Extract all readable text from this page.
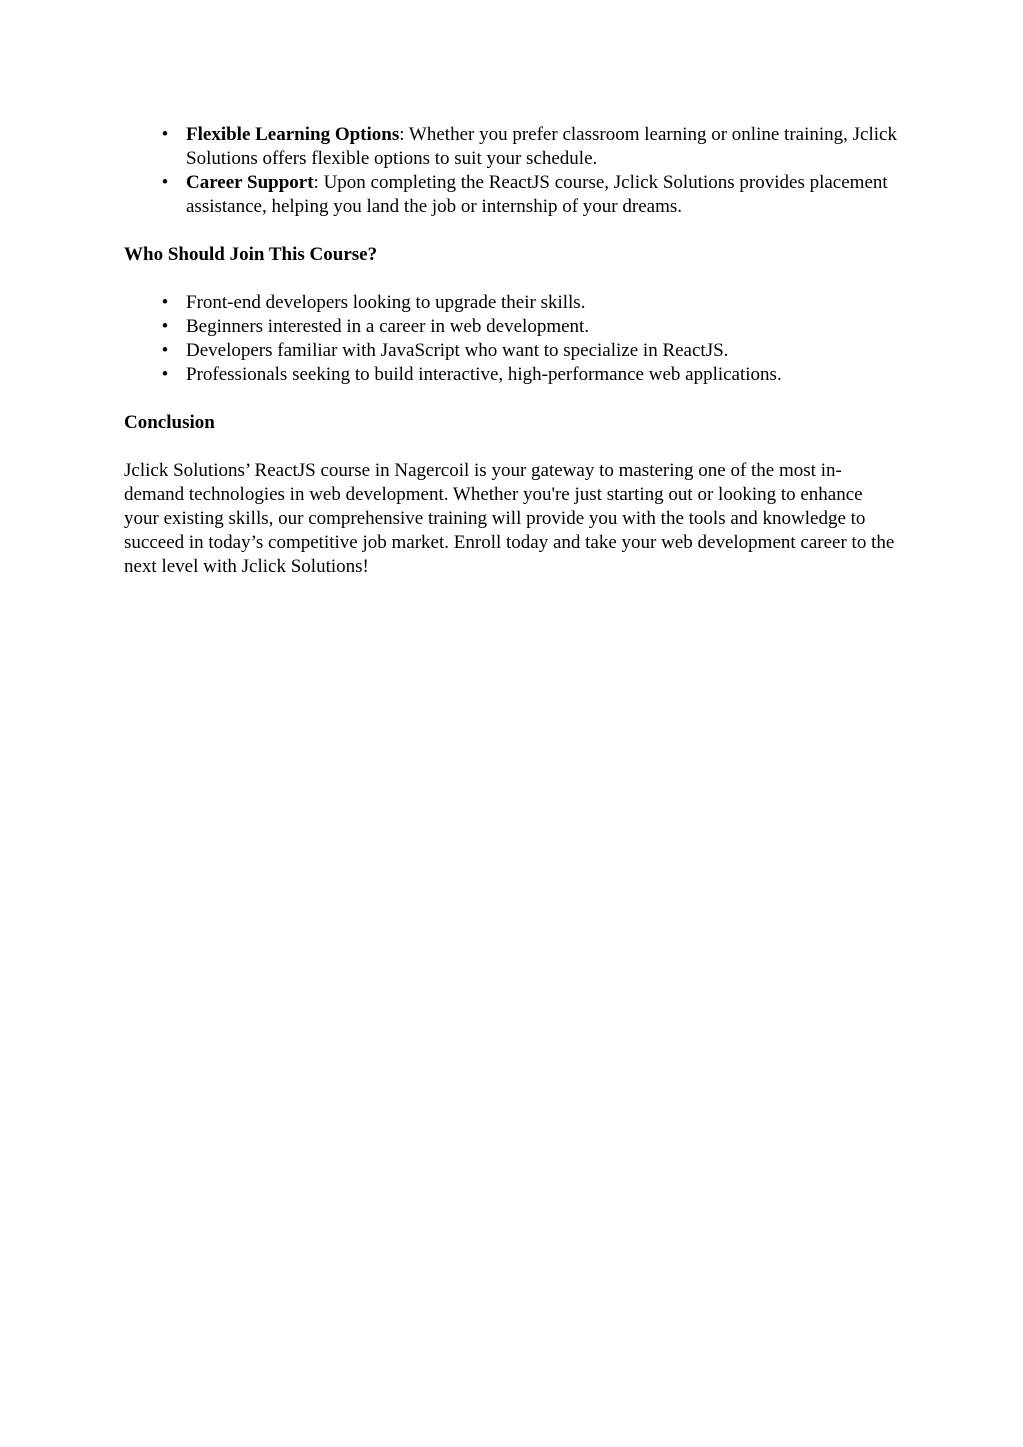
• Flexible Learning Options: Whether you prefer classroom learning or online training, Jclick Solutions offers flexible options to suit your schedule.
• Career Support: Upon completing the ReactJS course, Jclick Solutions provides placement assistance, helping you land the job or internship of your dreams.
Who Should Join This Course?
• Front-end developers looking to upgrade their skills.
• Beginners interested in a career in web development.
• Developers familiar with JavaScript who want to specialize in ReactJS.
• Professionals seeking to build interactive, high-performance web applications.
Conclusion

Jclick Solutions’ ReactJS course in Nagercoil is your gateway to mastering one of the most in-demand technologies in web development. Whether you're just starting out or looking to enhance your existing skills, our comprehensive training will provide you with the tools and knowledge to succeed in today’s competitive job market. Enroll today and take your web development career to the next level with Jclick Solutions!
